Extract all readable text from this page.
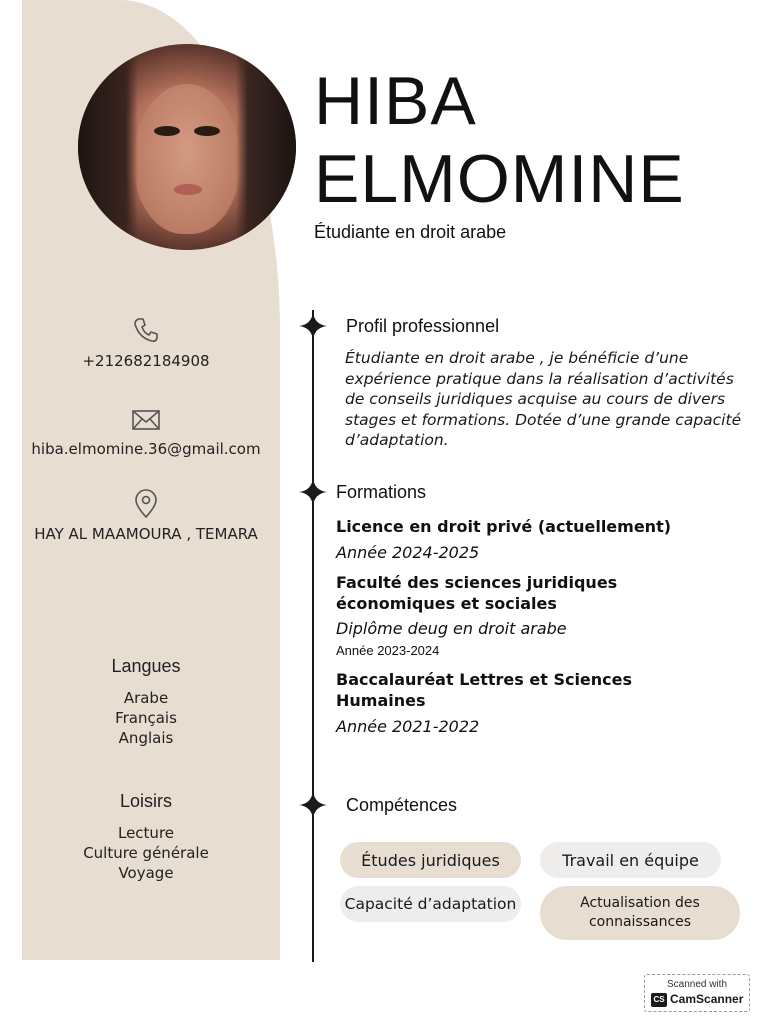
+212682184908
hiba.elmomine.36@gmail.com
HAY AL MAAMOURA , TEMARA
Langues
Arabe
Français
Anglais
Loisirs
Lecture
Culture générale
Voyage
HIBA
ELMOMINE
Étudiante en droit arabe
Profil professionnel
Étudiante en droit arabe , je bénéficie d’une expérience pratique dans la réalisation d’activités de conseils juridiques acquise au cours de divers stages et formations. Dotée d’une grande capacité d’adaptation.
Formations
Licence en droit privé (actuellement)
Année 2024-2025
Faculté des sciences juridiques économiques et sociales
Diplôme deug en droit arabe
Année 2023-2024
Baccalauréat Lettres et Sciences Humaines
Année 2021-2022
Compétences
Études juridiques	Travail en équipe
Capacité d’adaptation	Actualisation des connaissances
Scanned with
CS CamScanner
